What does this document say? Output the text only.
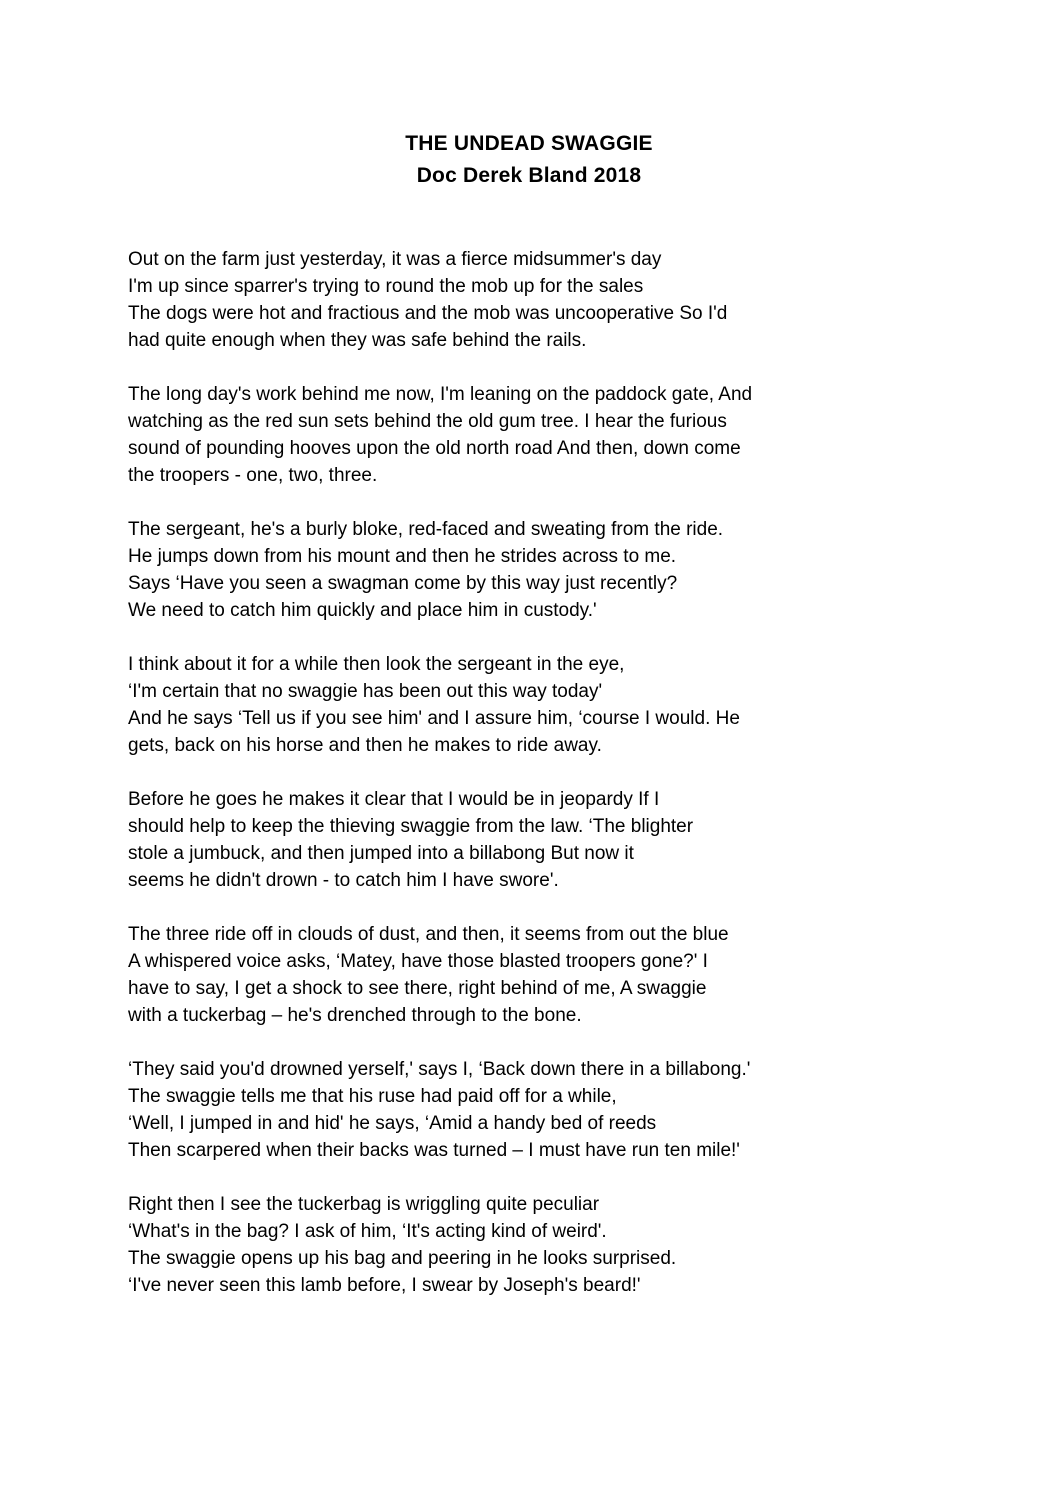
THE UNDEAD SWAGGIE
Doc Derek Bland 2018
Out on the farm just yesterday, it was a fierce midsummer's day
I'm up since sparrer's trying to round the mob up for the sales
The dogs were hot and fractious and the mob was uncooperative So I'd
had quite enough when they was safe behind the rails.
The long day's work behind me now, I'm leaning on the paddock gate, And
watching as the red sun sets behind the old gum tree. I hear the furious
sound of pounding hooves upon the old north road And then, down come
the troopers - one, two, three.
The sergeant, he's a burly bloke, red-faced and sweating from the ride.
He jumps down from his mount and then he strides across to me.
Says ‘Have you seen a swagman come by this way just recently?
We need to catch him quickly and place him in custody.'
I think about it for a while then look the sergeant in the eye,
‘I'm certain that no swaggie has been out this way today'
And he says ‘Tell us if you see him' and I assure him, ‘course I would. He
gets, back on his horse and then he makes to ride away.
Before he goes he makes it clear that I would be in jeopardy If I
should help to keep the thieving swaggie from the law. ‘The blighter
stole a jumbuck, and then jumped into a billabong But now it
seems he didn't drown - to catch him I have swore'.
The three ride off in clouds of dust, and then, it seems from out the blue
A whispered voice asks, ‘Matey, have those blasted troopers gone?' I
have to say, I get a shock to see there, right behind of me, A swaggie
with a tuckerbag – he's drenched through to the bone.
‘They said you'd drowned yerself,' says I, ‘Back down there in a billabong.'
The swaggie tells me that his ruse had paid off for a while,
‘Well, I jumped in and hid' he says, ‘Amid a handy bed of reeds
Then scarpered when their backs was turned – I must have run ten mile!'
Right then I see the tuckerbag is wriggling quite peculiar
‘What's in the bag? I ask of him, ‘It's acting kind of weird'.
The swaggie opens up his bag and peering in he looks surprised.
‘I've never seen this lamb before, I swear by Joseph's beard!'
